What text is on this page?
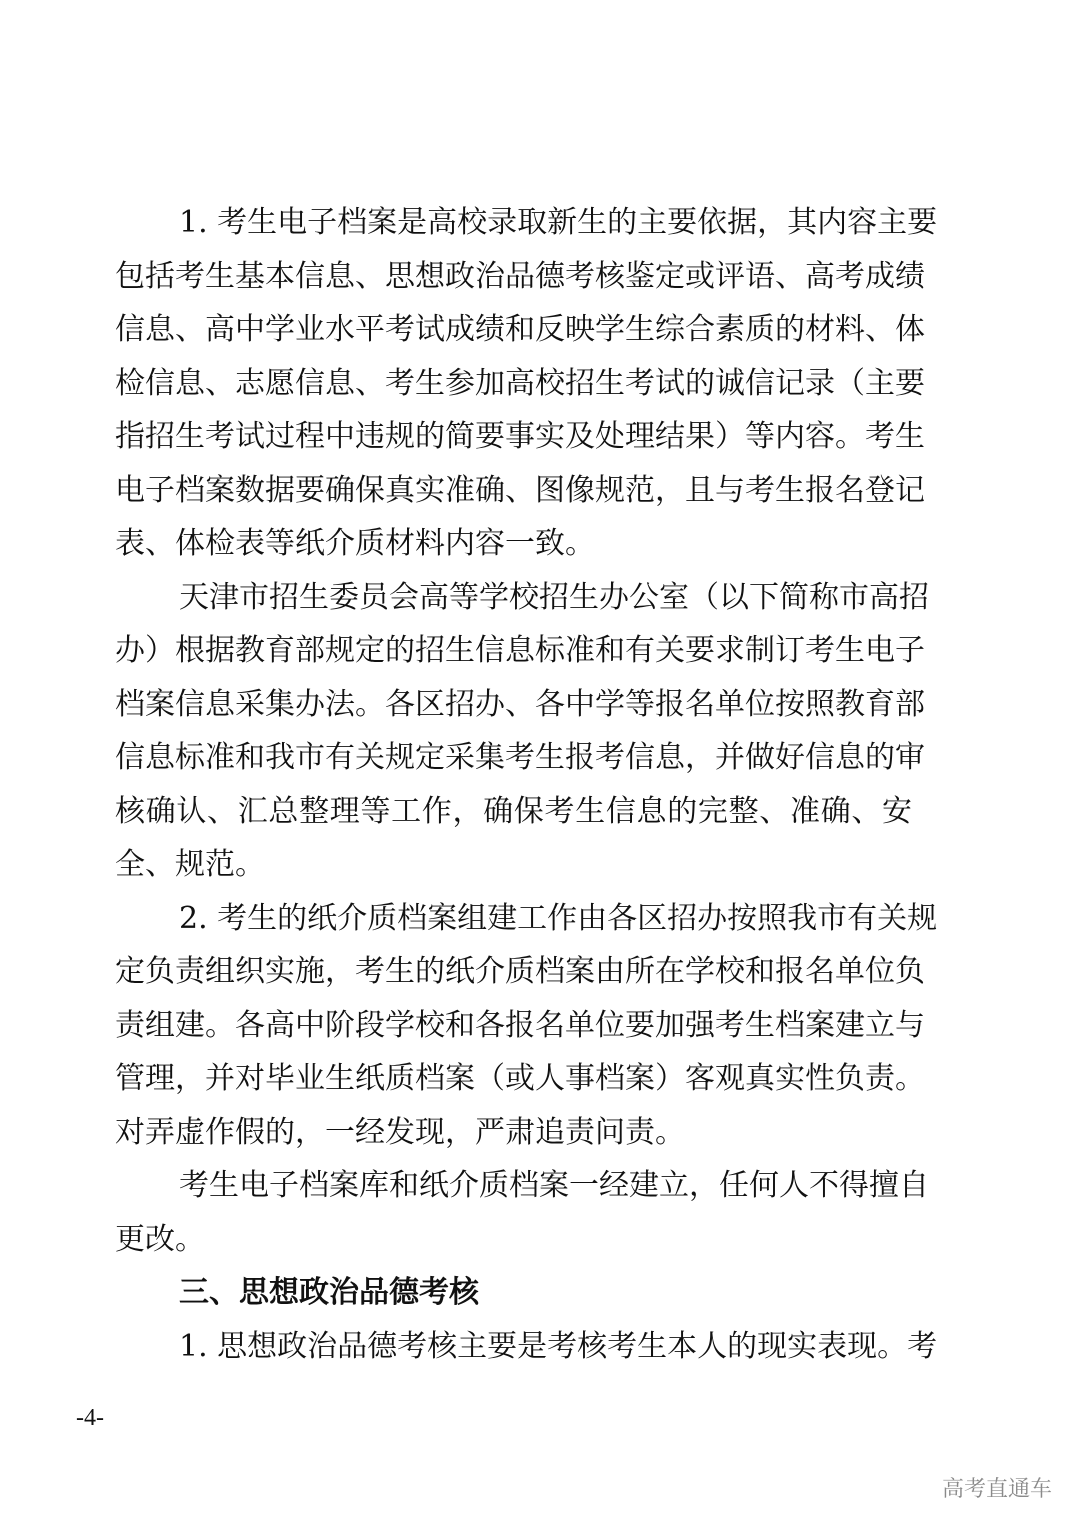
1. 考生电子档案是高校录取新生的主要依据，其内容主要
包括考生基本信息、思想政治品德考核鉴定或评语、高考成绩
信息、高中学业水平考试成绩和反映学生综合素质的材料、体
检信息、志愿信息、考生参加高校招生考试的诚信记录（主要
指招生考试过程中违规的简要事实及处理结果）等内容。考生
电子档案数据要确保真实准确、图像规范，且与考生报名登记
表、体检表等纸介质材料内容一致。
天津市招生委员会高等学校招生办公室（以下简称市高招
办）根据教育部规定的招生信息标准和有关要求制订考生电子
档案信息采集办法。各区招办、各中学等报名单位按照教育部
信息标准和我市有关规定采集考生报考信息，并做好信息的审
核确认、汇总整理等工作，确保考生信息的完整、准确、安
全、规范。
2. 考生的纸介质档案组建工作由各区招办按照我市有关规
定负责组织实施，考生的纸介质档案由所在学校和报名单位负
责组建。各高中阶段学校和各报名单位要加强考生档案建立与
管理，并对毕业生纸质档案（或人事档案）客观真实性负责。
对弄虚作假的，一经发现，严肃追责问责。
考生电子档案库和纸介质档案一经建立，任何人不得擅自
更改。
三、思想政治品德考核
1. 思想政治品德考核主要是考核考生本人的现实表现。考
-4-
高考直通车
